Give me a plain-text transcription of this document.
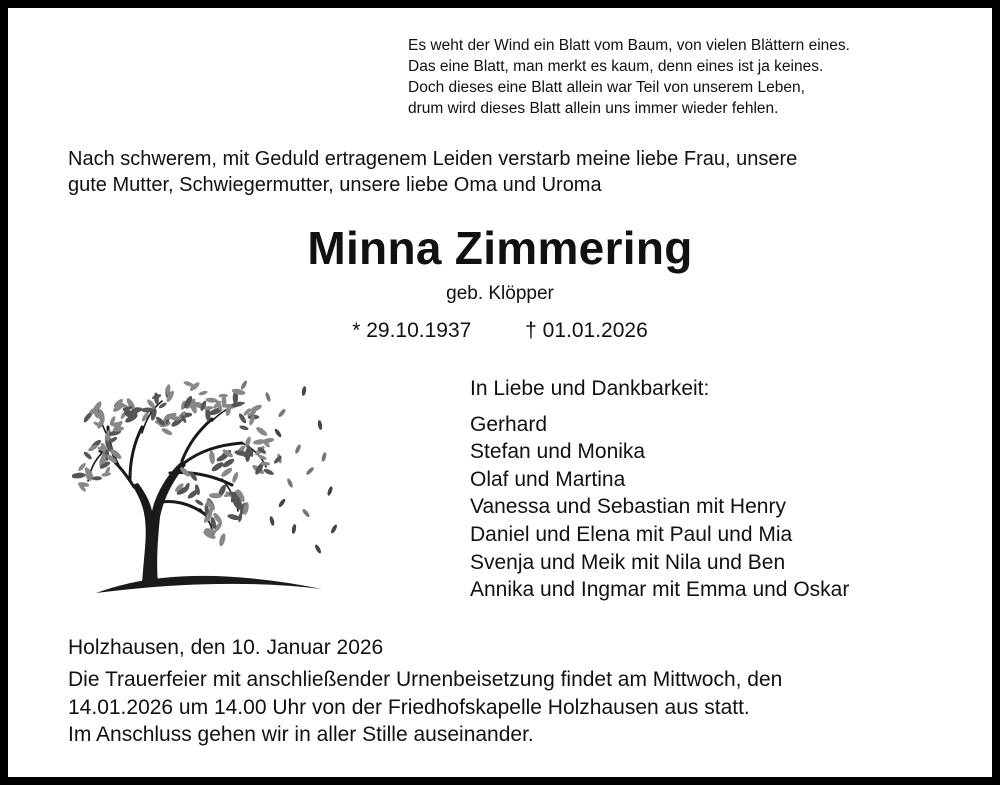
Es weht der Wind ein Blatt vom Baum, von vielen Blättern eines.
Das eine Blatt, man merkt es kaum, denn eines ist ja keines.
Doch dieses eine Blatt allein war Teil von unserem Leben,
drum wird dieses Blatt allein uns immer wieder fehlen.
Nach schwerem, mit Geduld ertragenem Leiden verstarb meine liebe Frau, unsere
gute Mutter, Schwiegermutter, unsere liebe Oma und Uroma
Minna Zimmering
geb. Klöpper
* 29.10.1937	† 01.01.2026
In Liebe und Dankbarkeit:
Gerhard
Stefan und Monika
Olaf und Martina
Vanessa und Sebastian mit Henry
Daniel und Elena mit Paul und Mia
Svenja und Meik mit Nila und Ben
Annika und Ingmar mit Emma und Oskar
Holzhausen, den 10. Januar 2026
Die Trauerfeier mit anschließender Urnenbeisetzung findet am Mittwoch, den
14.01.2026 um 14.00 Uhr von der Friedhofskapelle Holzhausen aus statt.
Im Anschluss gehen wir in aller Stille auseinander.
